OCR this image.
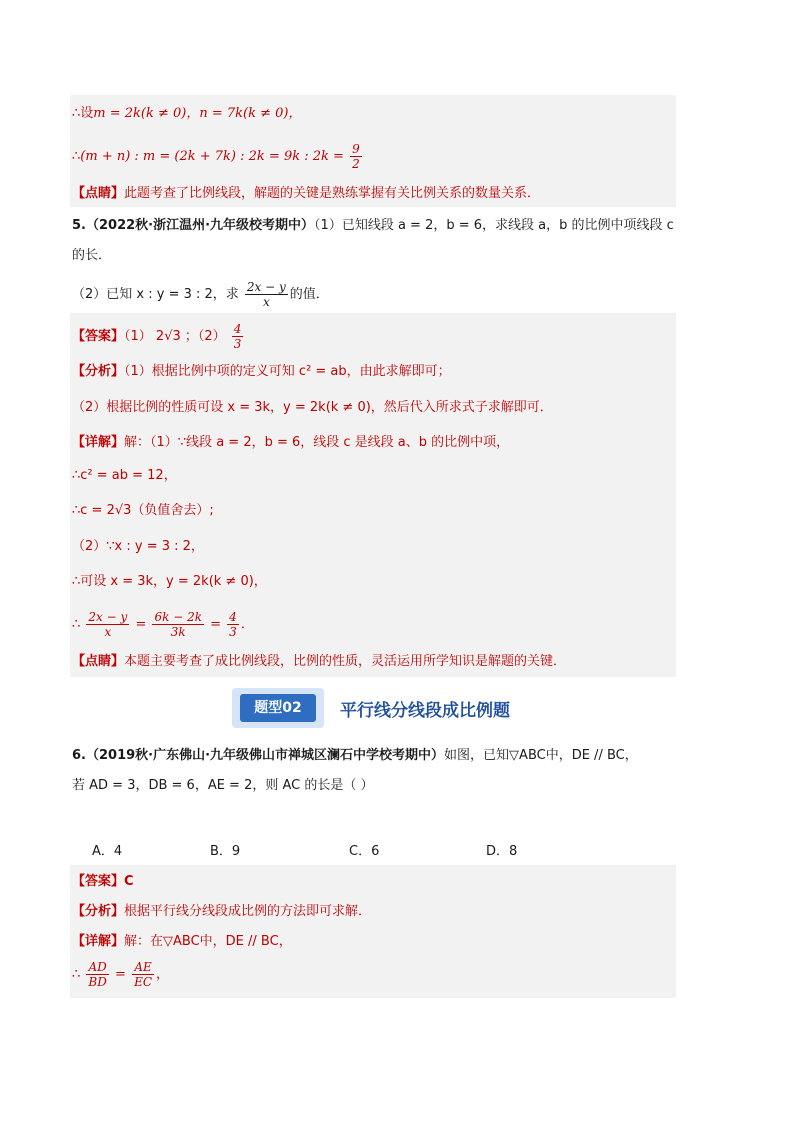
∴设m = 2k(k ≠ 0)，n = 7k(k ≠ 0)，
∴(m + n) : m = (2k + 7k) : 2k = 9k : $2k = \frac{9}{2}$
【点睛】此题考查了比例线段，解题的关键是熟练掌握有关比例关系的数量关系．
5.（2022秋·浙江温州·九年级校考期中）（1）已知线段 a = 2，b = 6，求线段 a，b 的比例中项线段 c
的长．
（2）已知 x : y = 3 : 2，求 $\frac{2x - y}{x}$ 的值．
【答案】（1） 2√3 ；$(2) \frac{4}{3}$
【分析】（1）根据比例中项的定义可知 c² = ab，由此求解即可；
（2）根据比例的性质可设 x = 3k，y = 2k(k ≠ 0)，然后代入所求式子求解即可．
【详解】解：（1）∵线段 a = 2，b = 6，线段 c 是线段 a、b 的比例中项，
∴c² = ab = 12，
∴c = 2√3（负值舍去）;
（2）∵x : y = 3 : 2，
∴可设 x = 3k，y = 2k(k ≠ 0)，
∴ $\frac{2x - y}{x} = \frac{6k - 2k}{3k} = \frac{4}{3}$ ．
【点睛】本题主要考查了成比例线段，比例的性质，灵活运用所学知识是解题的关键．
题型02	平行线分线段成比例题
6.（2019秋·广东佛山·九年级佛山市禅城区澜石中学校考期中）如图，已知▽ABC中，DE // BC，
若 AD = 3，DB = 6，AE = 2，则 AC 的长是（ ）
A．4	B．9	C．6	D．8
【答案】C
【分析】根据平行线分线段成比例的方法即可求解．
【详解】解：在▽ABC中，DE // BC，
∴ $\frac{AD}{BD} = \frac{AE}{EC}$ ，
